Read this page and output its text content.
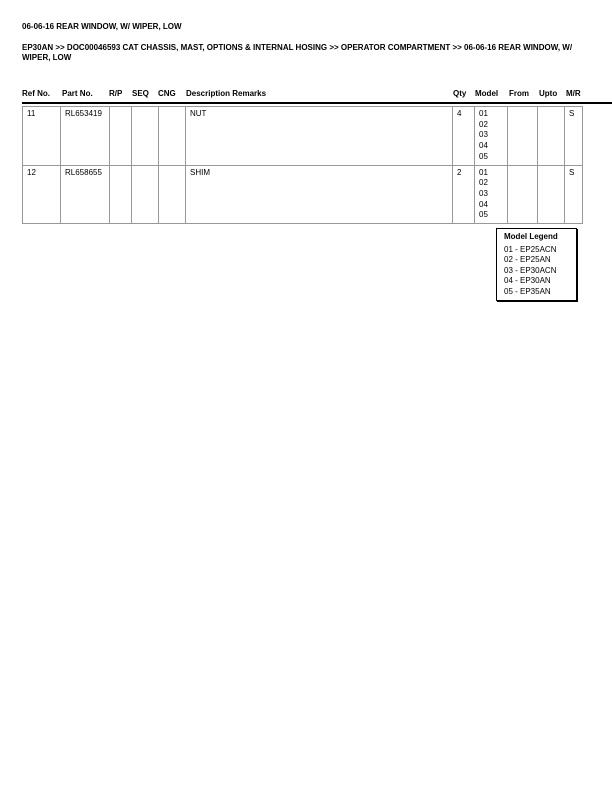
06-06-16 REAR WINDOW, W/ WIPER, LOW
EP30AN >> DOC00046593 CAT CHASSIS, MAST, OPTIONS & INTERNAL HOSING >> OPERATOR COMPARTMENT >> 06-06-16 REAR WINDOW, W/ WIPER, LOW
Ref No. Part No. R/P SEQ CNG Description Remarks	Qty Model From Upto M/R
11	RL653419				NUT	4	01
02
03
04
05			S

12	RL658655				SHIM	2	01
02
03
04
05			S
Model Legend
01 - EP25ACN
02 - EP25AN
03 - EP30ACN
04 - EP30AN
05 - EP35AN
